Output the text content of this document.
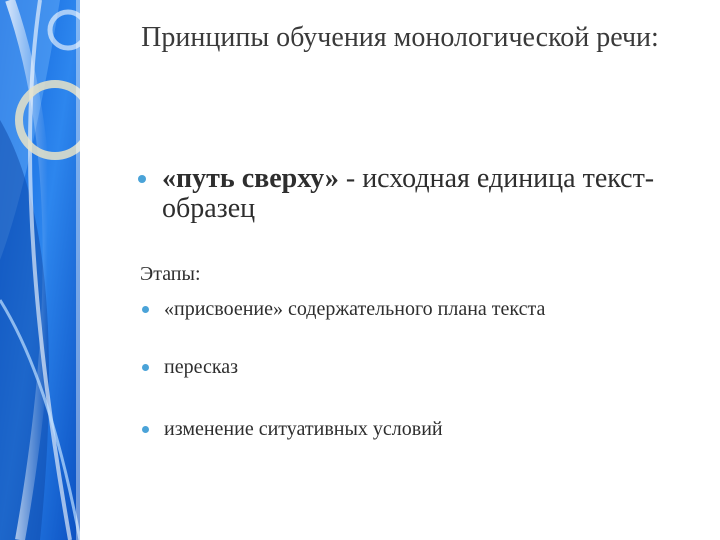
Принципы обучения монологической речи:
«путь сверху» - исходная единица текст-образец
Этапы:
«присвоение» содержательного плана текста
пересказ
изменение ситуативных условий
